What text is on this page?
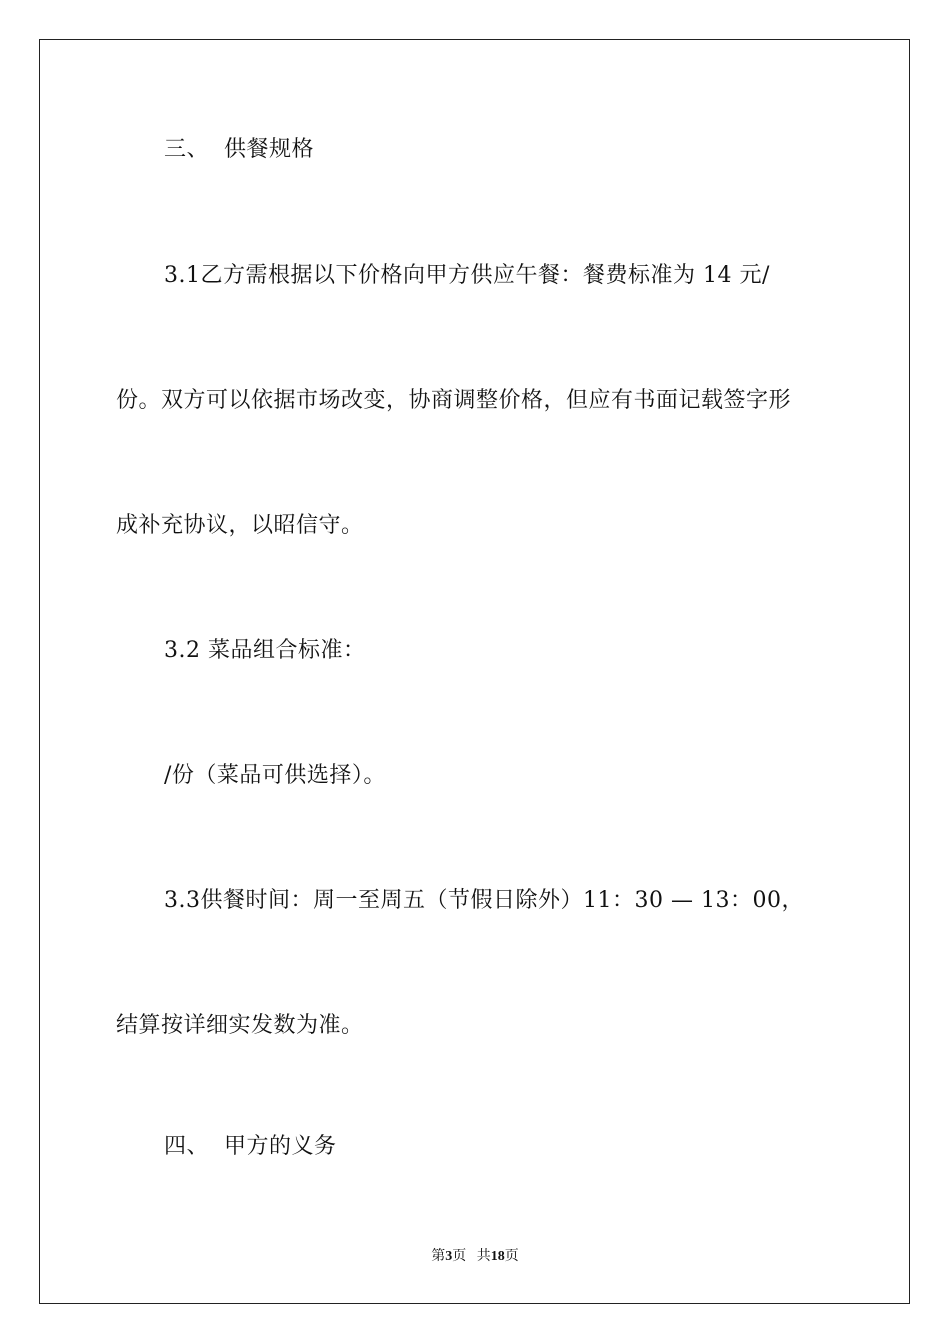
三、  供餐规格
3.1乙方需根据以下价格向甲方供应午餐：餐费标准为 14 元/
份。双方可以依据市场改变，协商调整价格，但应有书面记载签字形
成补充协议，以昭信守。
3.2 菜品组合标准：
/份（菜品可供选择）。
3.3供餐时间：周一至周五（节假日除外）11：30 — 13：00，
结算按详细实发数为准。
四、  甲方的义务
第3页 共18页
